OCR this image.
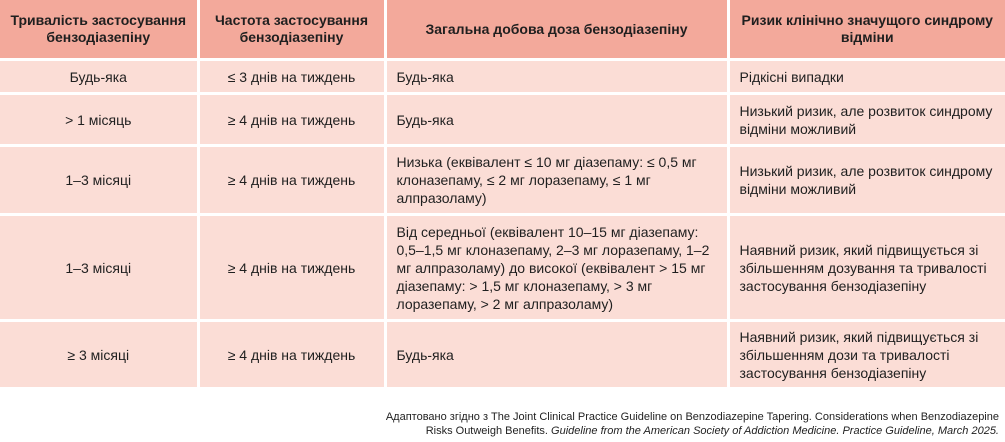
Тривалість застосування бензодіазепіну	Частота застосування бензодіазепіну	Загальна добова доза бензодіазепіну	Ризик клінічно значущого синдрому відміни
Будь-яка	≤ 3 днів на тиждень	Будь-яка	Рідкісні випадки
> 1 місяць	≥ 4 днів на тиждень	Будь-яка	Низький ризик, але розвиток синдрому відміни можливий
1–3 місяці	≥ 4 днів на тиждень	Низька (еквівалент ≤ 10 мг діазепаму: ≤ 0,5 мг клоназепаму, ≤ 2 мг лоразепаму, ≤ 1 мг алпразоламу)	Низький ризик, але розвиток синдрому відміни можливий
1–3 місяці	≥ 4 днів на тиждень	Від середньої (еквівалент 10–15 мг діазепаму: 0,5–1,5 мг клоназепаму, 2–3 мг лоразепаму, 1–2 мг алпразоламу) до високої (еквівалент > 15 мг діазепаму: > 1,5 мг клоназепаму, > 3 мг лоразепаму, > 2 мг алпразоламу)	Наявний ризик, який підвищується зі збільшенням дозування та тривалості застосування бензодіазепіну
≥ 3 місяці	≥ 4 днів на тиждень	Будь-яка	Наявний ризик, який підвищується зі збільшенням дози та тривалості застосування бензодіазепіну
Адаптовано згідно з The Joint Clinical Practice Guideline on Benzodiazepine Tapering. Considerations when Benzodiazepine Risks Outweigh Benefits. Guideline from the American Society of Addiction Medicine. Practice Guideline, March 2025.
